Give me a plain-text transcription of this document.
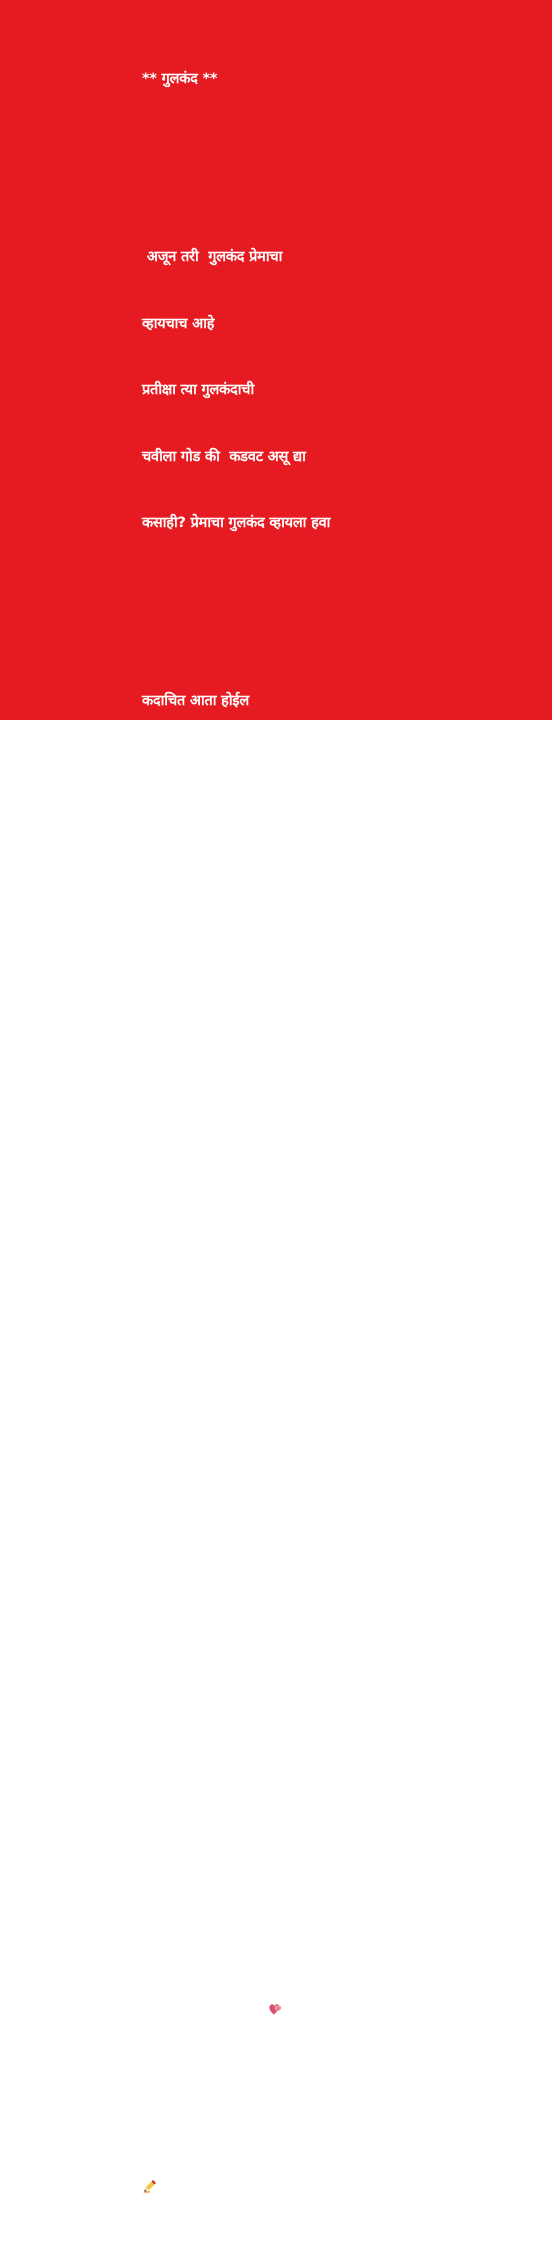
** गुलकंद **

अजून तरी  गुलकंद प्रेमाचा

व्हायचाच आहे

प्रतीक्षा त्या गुलकंदाची

चवीला गोड की  कडवट असू द्या

कसाही? प्रेमाचा गुलकंद व्हायला हवा

कदाचित आता होईल

चवीला गोडच असेल

त्याच्या चेहऱ्यावरची लाली

चोर नजरेने शोधणारी नकळत नजर

ओठावरील हसू...,

सांगू पाहत आहे

गुलकंद होणार प्रेमाचा

लाल भडक गुलाबाच्या साक्षीने

खरतर काचेची भरणी

खूप दिवस झाले रिकामीच आहे

तिच्यात काही भरावे असे

काही हातात आलेच नाही

हातात यावा तो गुलाबाचा गुच्छ

आणि मनसोक्त एक एक पाकळी

करीत भरावी भरणी

पण प्रेमाचा गुलकंद होण्यासाठी

वेळ लागतो मने

पण ती वेळ आली आहे

प्रेमाचा गुलकंद होण्याची !!

सविता सूर्यकांता तुकाराम लोटे
